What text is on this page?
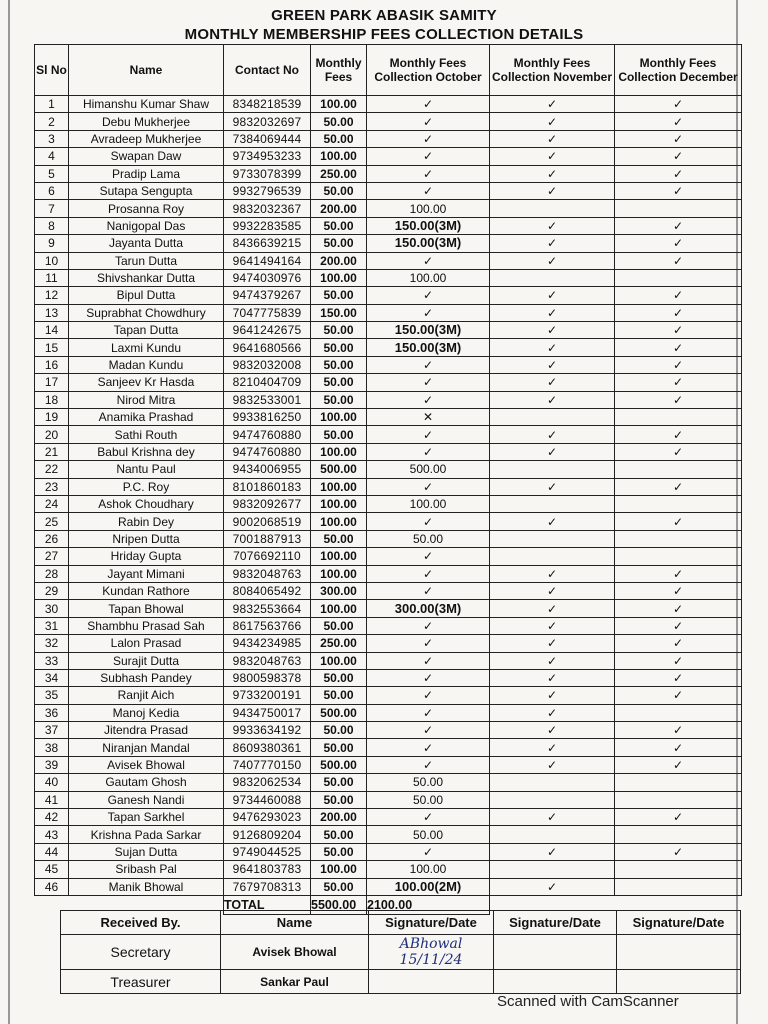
GREEN PARK ABASIK SAMITY
MONTHLY MEMBERSHIP FEES COLLECTION DETAILS
Sl No	Name	Contact No	Monthly Fees	Monthly Fees Collection October	Monthly Fees Collection November	Monthly Fees Collection December
1	Himanshu Kumar Shaw	8348218539	100.00	✓	✓	✓
2	Debu Mukherjee	9832032697	50.00	✓	✓	✓
3	Avradeep Mukherjee	7384069444	50.00	✓	✓	✓
4	Swapan Daw	9734953233	100.00	✓	✓	✓
5	Pradip Lama	9733078399	250.00	✓	✓	✓
6	Sutapa Sengupta	9932796539	50.00	✓	✓	✓
7	Prosanna Roy	9832032367	200.00	100.00		
8	Nanigopal Das	9932283585	50.00	150.00(3M)	✓	✓
9	Jayanta Dutta	8436639215	50.00	150.00(3M)	✓	✓
10	Tarun Dutta	9641494164	200.00	✓	✓	✓
11	Shivshankar Dutta	9474030976	100.00	100.00		
12	Bipul Dutta	9474379267	50.00	✓	✓	✓
13	Suprabhat Chowdhury	7047775839	150.00	✓	✓	✓
14	Tapan Dutta	9641242675	50.00	150.00(3M)	✓	✓
15	Laxmi Kundu	9641680566	50.00	150.00(3M)	✓	✓
16	Madan Kundu	9832032008	50.00	✓	✓	✓
17	Sanjeev Kr Hasda	8210404709	50.00	✓	✓	✓
18	Nirod Mitra	9832533001	50.00	✓	✓	✓
19	Anamika Prashad	9933816250	100.00	✕		
20	Sathi Routh	9474760880	50.00	✓	✓	✓
21	Babul Krishna dey	9474760880	100.00	✓	✓	✓
22	Nantu Paul	9434006955	500.00	500.00		
23	P.C. Roy	8101860183	100.00	✓	✓	✓
24	Ashok Choudhary	9832092677	100.00	100.00		
25	Rabin Dey	9002068519	100.00	✓	✓	✓
26	Nripen Dutta	7001887913	50.00	50.00		
27	Hriday Gupta	7076692110	100.00	✓		
28	Jayant Mimani	9832048763	100.00	✓	✓	✓
29	Kundan Rathore	8084065492	300.00	✓	✓	✓
30	Tapan Bhowal	9832553664	100.00	300.00(3M)	✓	✓
31	Shambhu Prasad Sah	8617563766	50.00	✓	✓	✓
32	Lalon Prasad	9434234985	250.00	✓	✓	✓
33	Surajit Dutta	9832048763	100.00	✓	✓	✓
34	Subhash Pandey	9800598378	50.00	✓	✓	✓
35	Ranjit Aich	9733200191	50.00	✓	✓	✓
36	Manoj Kedia	9434750017	500.00	✓	✓	
37	Jitendra Prasad	9933634192	50.00	✓	✓	✓
38	Niranjan Mandal	8609380361	50.00	✓	✓	✓
39	Avisek Bhowal	7407770150	500.00	✓	✓	✓
40	Gautam Ghosh	9832062534	50.00	50.00		
41	Ganesh Nandi	9734460088	50.00	50.00		
42	Tapan Sarkhel	9476293023	200.00	✓	✓	✓
43	Krishna Pada Sarkar	9126809204	50.00	50.00		
44	Sujan Dutta	9749044525	50.00	✓	✓	✓
45	Sribash Pal	9641803783	100.00	100.00		
46	Manik Bhowal	7679708313	50.00	100.00(2M)	✓	
		TOTAL	5500.00	2100.00		
Received By.	Name	Signature/Date	Signature/Date	Signature/Date
Secretary	Avisek Bhowal	ABhowal 15/11/24		
Treasurer	Sankar Paul			
Scanned with CamScanner
